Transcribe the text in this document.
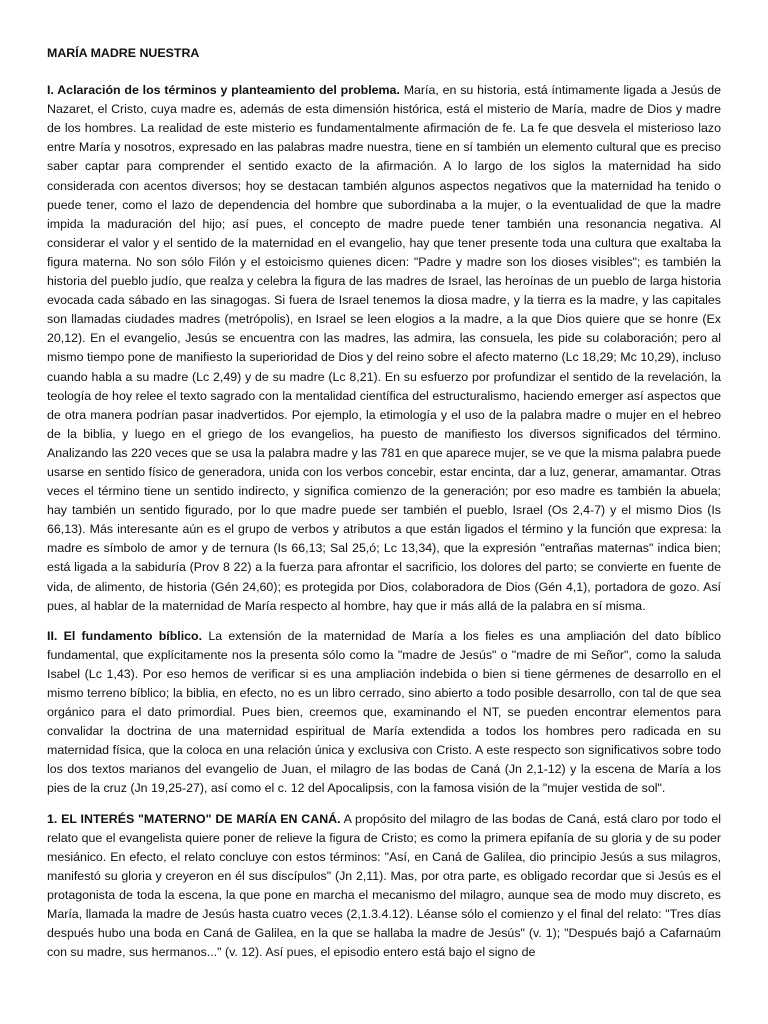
MARÍA MADRE NUESTRA

I. Aclaración de los términos y planteamiento del problema. María, en su historia, está íntimamente ligada a Jesús de Nazaret, el Cristo, cuya madre es, además de esta dimensión histórica, está el misterio de María, madre de Dios y madre de los hombres. La realidad de este misterio es fundamentalmente afirmación de fe. La fe que desvela el misterioso lazo entre María y nosotros, expresado en las palabras madre nuestra, tiene en sí también un elemento cultural que es preciso saber captar para comprender el sentido exacto de la afirmación. A lo largo de los siglos la maternidad ha sido considerada con acentos diversos; hoy se destacan también algunos aspectos negativos que la maternidad ha tenido o puede tener, como el lazo de dependencia del hombre que subordinaba a la mujer, o la eventualidad de que la madre impida la maduración del hijo; así pues, el concepto de madre puede tener también una resonancia negativa. Al considerar el valor y el sentido de la maternidad en el evangelio, hay que tener presente toda una cultura que exaltaba la figura materna. No son sólo Filón y el estoicismo quienes dicen: "Padre y madre son los dioses visibles"; es también la historia del pueblo judío, que realza y celebra la figura de las madres de Israel, las heroínas de un pueblo de larga historia evocada cada sábado en las sinagogas. Si fuera de Israel tenemos la diosa madre, y la tierra es la madre, y las capitales son llamadas ciudades madres (metrópolis), en Israel se leen elogios a la madre, a la que Dios quiere que se honre (Ex 20,12). En el evangelio, Jesús se encuentra con las madres, las admira, las consuela, les pide su colaboración; pero al mismo tiempo pone de manifiesto la superioridad de Dios y del reino sobre el afecto materno (Lc 18,29; Mc 10,29), incluso cuando habla a su madre (Lc 2,49) y de su madre (Lc 8,21). En su esfuerzo por profundizar el sentido de la revelación, la teología de hoy relee el texto sagrado con la mentalidad científica del estructuralismo, haciendo emerger así aspectos que de otra manera podrían pasar inadvertidos. Por ejemplo, la etimología y el uso de la palabra madre o mujer en el hebreo de la biblia, y luego en el griego de los evangelios, ha puesto de manifiesto los diversos significados del término. Analizando las 220 veces que se usa la palabra madre y las 781 en que aparece mujer, se ve que la misma palabra puede usarse en sentido físico de generadora, unida con los verbos concebir, estar encinta, dar a luz, generar, amamantar. Otras veces el término tiene un sentido indirecto, y significa comienzo de la generación; por eso madre es también la abuela; hay también un sentido figurado, por lo que madre puede ser también el pueblo, Israel (Os 2,4-7) y el mismo Dios (Is 66,13). Más interesante aún es el grupo de verbos y atributos a que están ligados el término y la función que expresa: la madre es símbolo de amor y de ternura (Is 66,13; Sal 25,ó; Lc 13,34), que la expresión "entrañas maternas" indica bien; está ligada a la sabiduría (Prov 8 22) a la fuerza para afrontar el sacrificio, los dolores del parto; se convierte en fuente de vida, de alimento, de historia (Gén 24,60); es protegida por Dios, colaboradora de Dios (Gén 4,1), portadora de gozo. Así pues, al hablar de la maternidad de María respecto al hombre, hay que ir más allá de la palabra en sí misma.

II. El fundamento bíblico. La extensión de la maternidad de María a los fieles es una ampliación del dato bíblico fundamental, que explícitamente nos la presenta sólo como la "madre de Jesús" o "madre de mi Señor", como la saluda Isabel (Lc 1,43). Por eso hemos de verificar si es una ampliación indebida o bien si tiene gérmenes de desarrollo en el mismo terreno bíblico; la biblia, en efecto, no es un libro cerrado, sino abierto a todo posible desarrollo, con tal de que sea orgánico para el dato primordial. Pues bien, creemos que, examinando el NT, se pueden encontrar elementos para convalidar la doctrina de una maternidad espiritual de María extendida a todos los hombres pero radicada en su maternidad física, que la coloca en una relación única y exclusiva con Cristo. A este respecto son significativos sobre todo los dos textos marianos del evangelio de Juan, el milagro de las bodas de Caná (Jn 2,1-12) y la escena de María a los pies de la cruz (Jn 19,25-27), así como el c. 12 del Apocalipsis, con la famosa visión de la "mujer vestida de sol".

1. EL INTERÉS "MATERNO" DE MARÍA EN CANÁ. A propósito del milagro de las bodas de Caná, está claro por todo el relato que el evangelista quiere poner de relieve la figura de Cristo; es como la primera epifanía de su gloria y de su poder mesiánico. En efecto, el relato concluye con estos términos: "Así, en Caná de Galilea, dio principio Jesús a sus milagros, manifestó su gloria y creyeron en él sus discípulos" (Jn 2,11). Mas, por otra parte, es obligado recordar que si Jesús es el protagonista de toda la escena, la que pone en marcha el mecanismo del milagro, aunque sea de modo muy discreto, es María, llamada la madre de Jesús hasta cuatro veces (2,1.3.4.12). Léanse sólo el comienzo y el final del relato: "Tres días después hubo una boda en Caná de Galilea, en la que se hallaba la madre de Jesús" (v. 1); "Después bajó a Cafarnaúm con su madre, sus hermanos..." (v. 12). Así pues, el episodio entero está bajo el signo de
